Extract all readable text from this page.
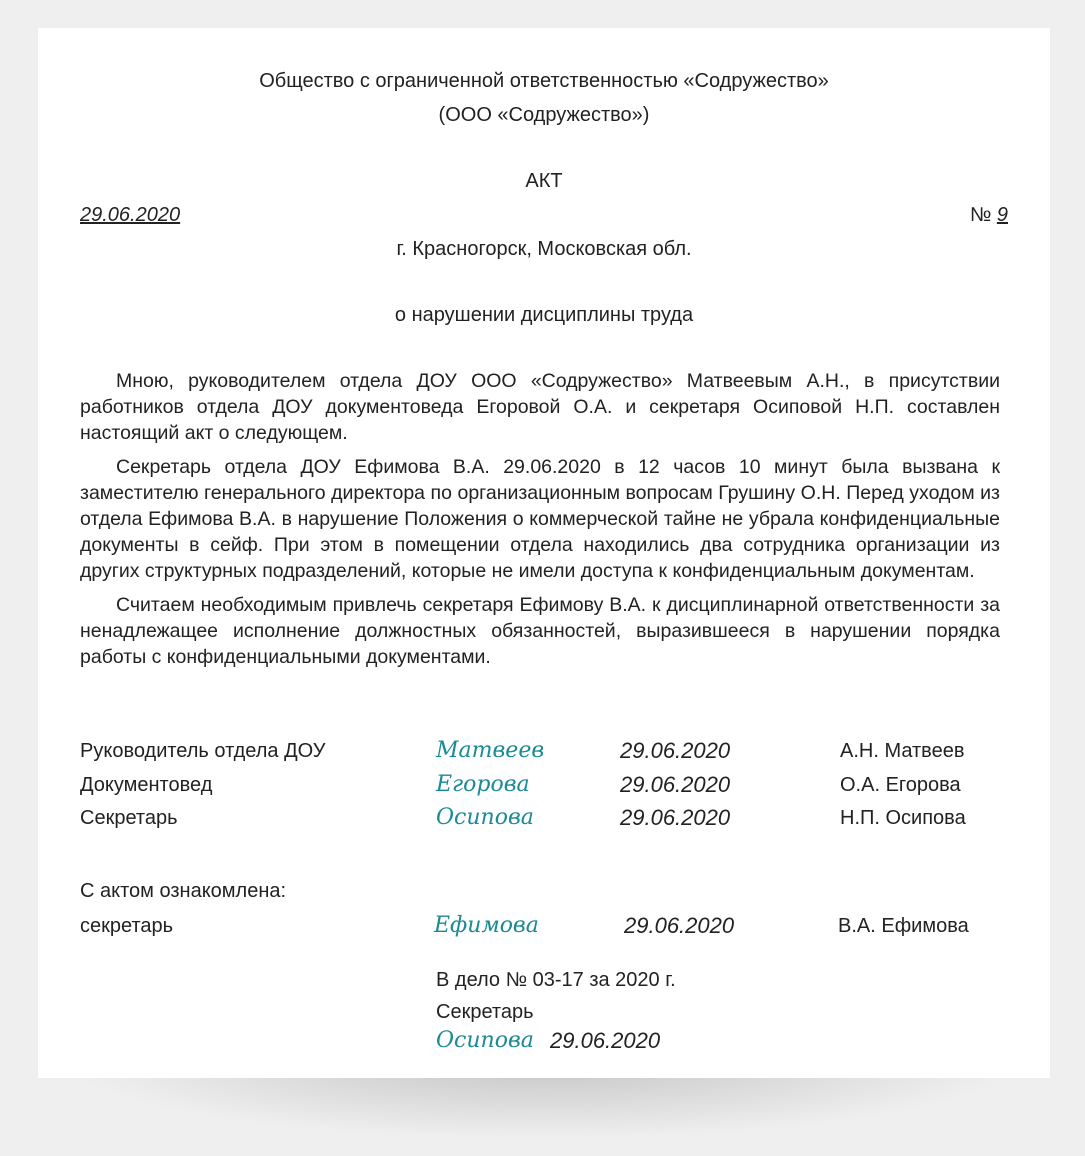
Общество с ограниченной ответственностью «Содружество»
(ООО «Содружество»)
АКТ
29.06.2020	№ 9
г. Красногорск, Московская обл.
о нарушении дисциплины труда

Мною, руководителем отдела ДОУ ООО «Содружество» Матвеевым А.Н., в присутствии работников отдела ДОУ документоведа Егоровой О.А. и секретаря Осиповой Н.П. составлен настоящий акт о следующем.

Секретарь отдела ДОУ Ефимова В.А. 29.06.2020 в 12 часов 10 минут была вызвана к заместителю генерального директора по организационным вопросам Грушину О.Н. Перед уходом из отдела Ефимова В.А. в нарушение Положения о коммерческой тайне не убрала конфиденциальные документы в сейф. При этом в помещении отдела находились два сотрудника организации из других структурных подразделений, которые не имели доступа к конфиденциальным документам.

Считаем необходимым привлечь секретаря Ефимову В.А. к дисциплинарной ответственности за ненадлежащее исполнение должностных обязанностей, выразившееся в нарушении порядка работы с конфиденциальными документами.

Руководитель отдела ДОУ	Матвеев	29.06.2020	А.Н. Матвеев
Документовед	Егорова	29.06.2020	О.А. Егорова
Секретарь	Осипова	29.06.2020	Н.П. Осипова
С актом ознакомлена:
секретарь	Ефимова	29.06.2020	В.А. Ефимова
В дело № 03-17 за 2020 г.
Секретарь
Осипова 29.06.2020
